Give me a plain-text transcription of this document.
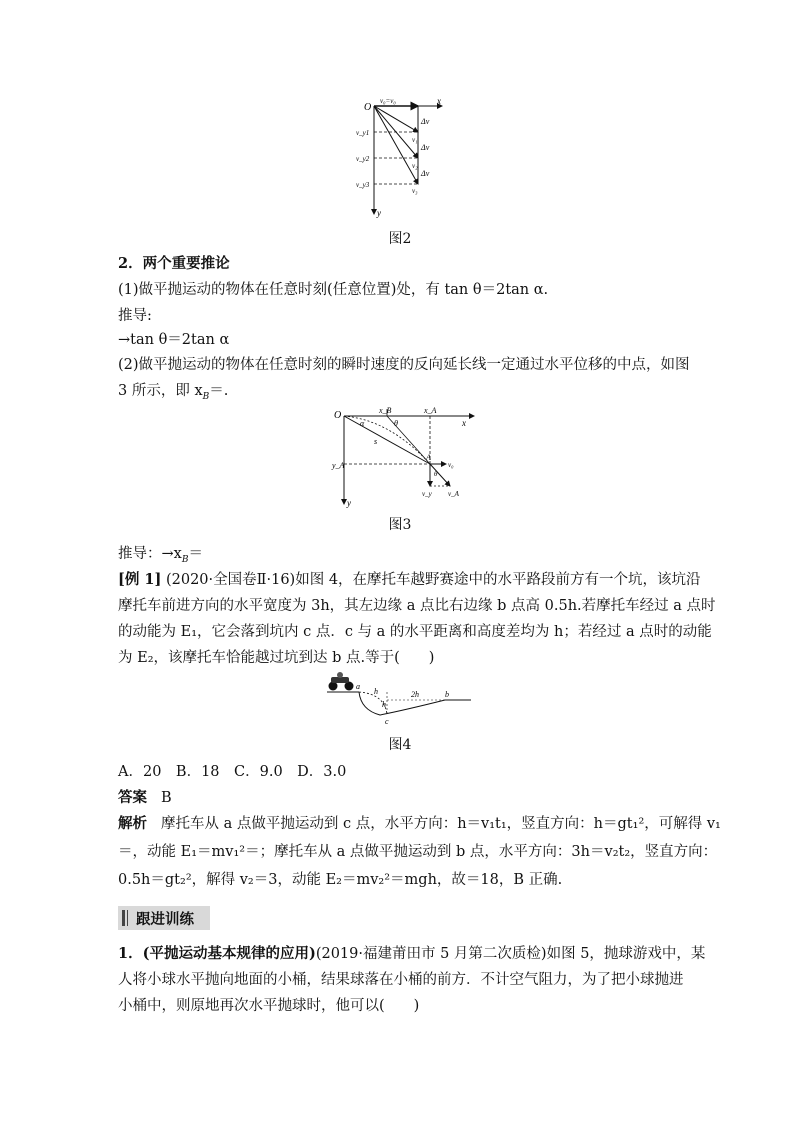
O
v₀=v₀	x
y
Δv
Δv
Δv
v₁
v₂
v₃
v_y1
v_y2
v_y3
图2
2．两个重要推论
(1)做平抛运动的物体在任意时刻(任意位置)处，有 tan θ＝2tan α.
推导:
→tan θ＝2tan α
(2)做平抛运动的物体在任意时刻的瞬时速度的反向延长线一定通过水平位移的中点，如图
3 所示，即 $x_B=$.
O	x_B	x_A
x
α	θ
s
A
y_A	v₀
θ
v_y v_A
y
图3
推导：$\to x_B=$
[例 1] (2020·全国卷Ⅱ·16)如图 4，在摩托车越野赛途中的水平路段前方有一个坑，该坑沿
摩托车前进方向的水平宽度为 3h，其左边缘 a 点比右边缘 b 点高 0.5h.若摩托车经过 a 点时
的动能为 E₁，它会落到坑内 c 点．c 与 a 的水平距离和高度差均为 h；若经过 a 点时的动能
为 E₂，该摩托车恰能越过坑到达 b 点.等于(　　)
a
h
h
2h	b
c
图4
A．20　B．18　C．9.0　D．3.0
答案 B
解析 摩托车从 a 点做平抛运动到 c 点，水平方向：h＝v₁t₁，竖直方向：h＝gt₁²，可解得 v₁
＝，动能 E₁＝mv₁²＝；摩托车从 a 点做平抛运动到 b 点，水平方向：3h＝v₂t₂，竖直方向：
0.5h＝gt₂²，解得 v₂＝3，动能 E₂＝mv₂²＝mgh，故＝18，B 正确.
跟进训练
1．(平抛运动基本规律的应用)(2019·福建莆田市 5 月第二次质检)如图 5，抛球游戏中，某
人将小球水平抛向地面的小桶，结果球落在小桶的前方．不计空气阻力，为了把小球抛进
小桶中，则原地再次水平抛球时，他可以(　　)
